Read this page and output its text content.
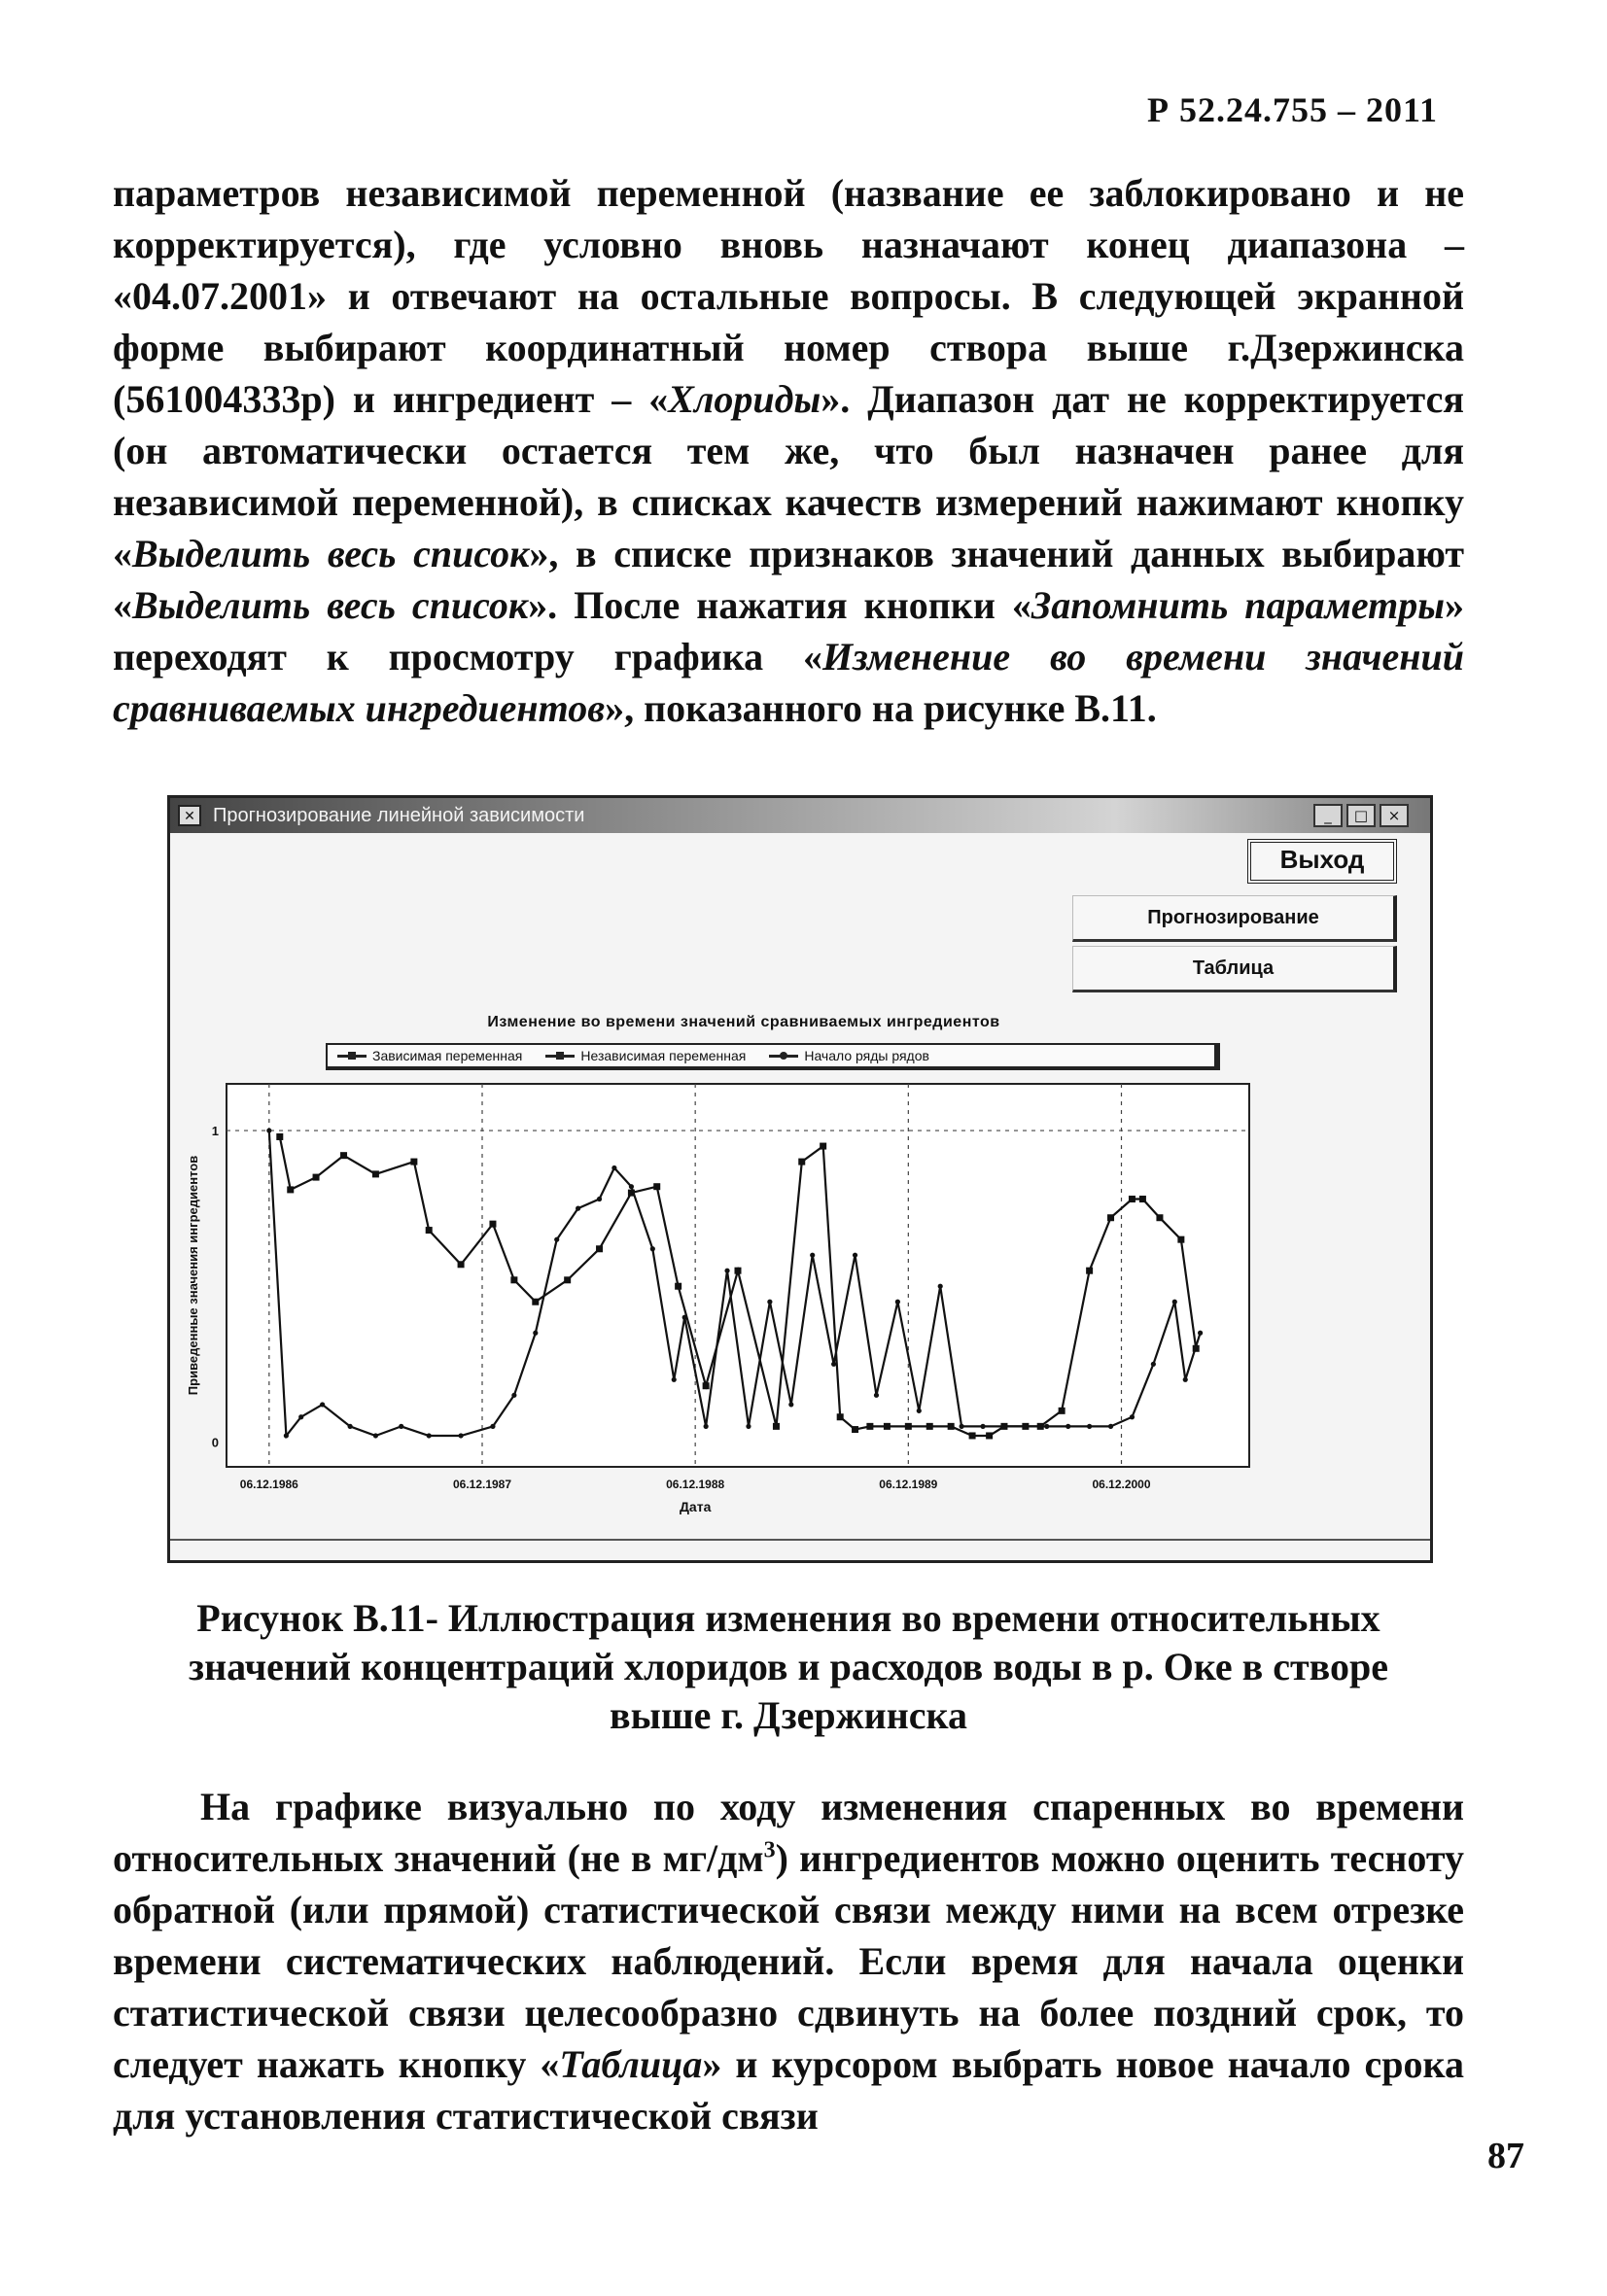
Р 52.24.755 – 2011
параметров независимой переменной (название ее заблокировано и не корректируется), где условно вновь назначают конец диапазона – «04.07.2001» и отвечают на остальные вопросы. В следующей экранной форме выбирают координатный номер створа выше г.Дзержинска (561004333р) и ингредиент – «Хлориды». Диапазон дат не корректируется (он автоматически остается тем же, что был назначен ранее для независимой переменной), в списках качеств измерений нажимают кнопку «Выделить весь список», в списке признаков значений данных выбирают «Выделить весь список». После нажатия кнопки «Запомнить параметры» переходят к просмотру графика «Изменение во времени значений сравниваемых ингредиентов», показанного на рисунке В.11.
✕ Прогнозирование линейной зависимости	_	□	×
Выход
Прогнозирование
Таблица
Изменение во времени значений сравниваемых ингредиентов
Зависимая переменная	Независимая переменная	Начало ряды рядов
06.12.1986	06.12.1987	06.12.1988	06.12.1989	06.12.2000
0
1
Дата
Приведенные значения ингредиентов
Рисунок В.11- Иллюстрация изменения во времени относительных
значений концентраций хлоридов и расходов воды в р. Оке в створе
выше г. Дзержинска
На графике визуально по ходу изменения спаренных во времени относительных значений (не в $мг/дм^3$) ингредиентов можно оценить тесноту обратной (или прямой) статистической связи между ними на всем отрезке времени систематических наблюдений. Если время для начала оценки статистической связи целесообразно сдвинуть на более поздний срок, то следует нажать кнопку «Таблица» и курсором выбрать новое начало срока для установления статистической связи
87
